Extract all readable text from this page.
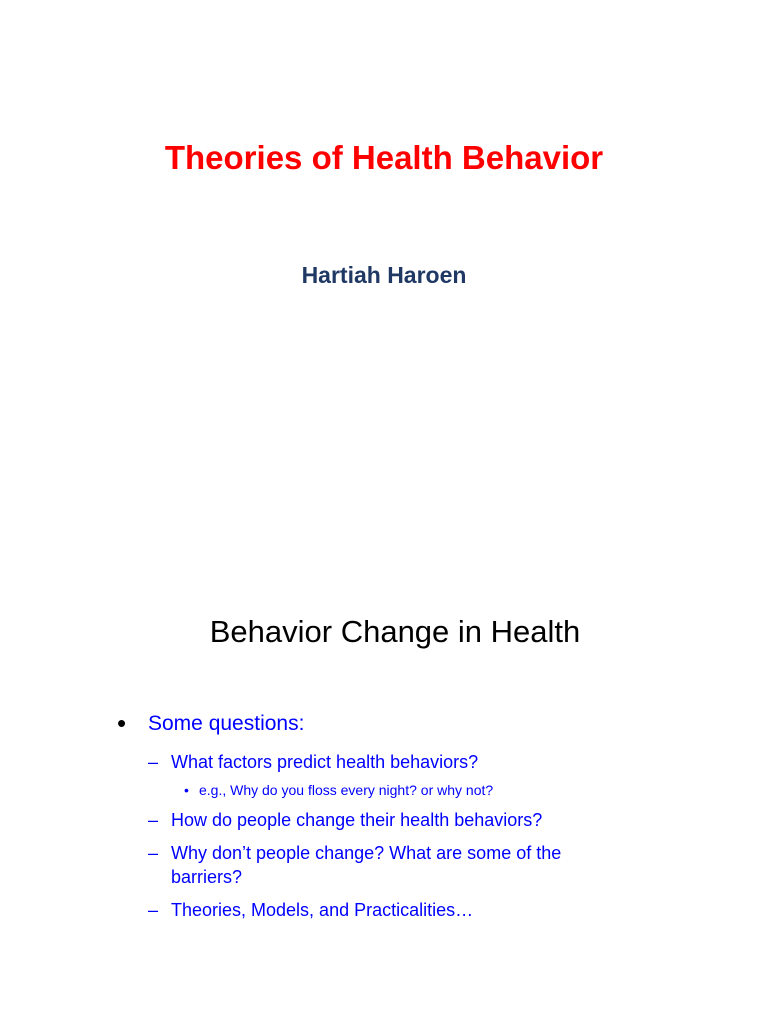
Theories of Health Behavior
Hartiah Haroen
Behavior Change in Health
• Some questions:
– What factors predict health behaviors?
• e.g., Why do you floss every night? or why not?
– How do people change their health behaviors?
– Why don’t people change? What are some of the barriers?
– Theories, Models, and Practicalities…
